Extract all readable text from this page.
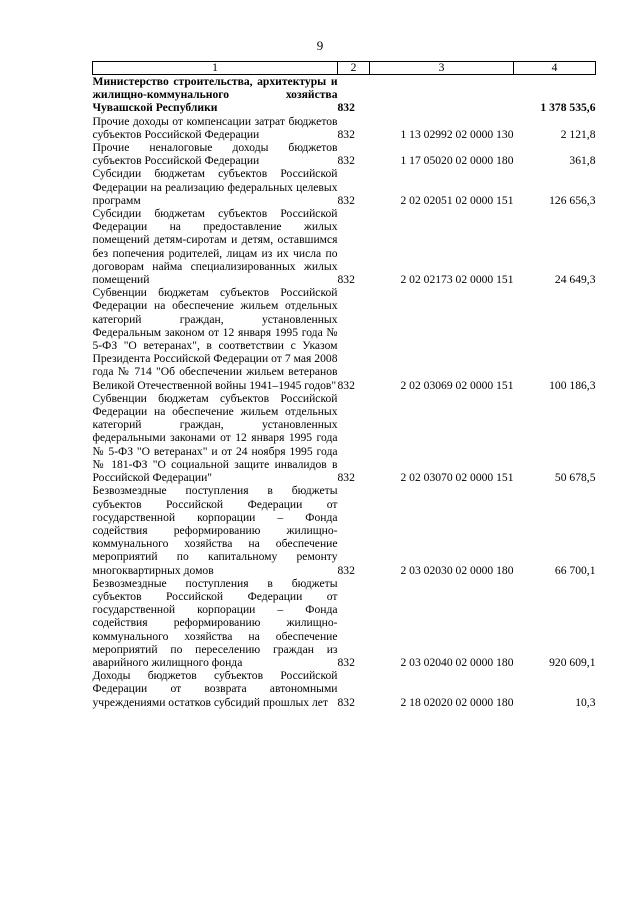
9
1	2	3	4
Министерство строительства, архитектуры и жилищно-коммунального хозяйства Чувашской Республики	832		1 378 535,6
Прочие доходы от компенсации затрат бюджетов субъектов Российской Федерации	832	1 13 02992 02 0000 130	2 121,8
Прочие неналоговые доходы бюджетов субъектов Российской Федерации	832	1 17 05020 02 0000 180	361,8
Субсидии бюджетам субъектов Российской Федерации на реализацию федеральных целевых программ	832	2 02 02051 02 0000 151	126 656,3
Субсидии бюджетам субъектов Российской Федерации на предоставление жилых помещений детям-сиротам и детям, оставшимся без попечения родителей, лицам из их числа по договорам найма специализированных жилых помещений	832	2 02 02173 02 0000 151	24 649,3
Субвенции бюджетам субъектов Российской Федерации на обеспечение жильем отдельных категорий граждан, установленных Федеральным законом от 12 января 1995 года № 5-ФЗ "О ветеранах", в соответствии с Указом Президента Российской Федерации от 7 мая 2008 года № 714 "Об обеспечении жильем ветеранов Великой Отечественной войны 1941–1945 годов"	832	2 02 03069 02 0000 151	100 186,3
Субвенции бюджетам субъектов Российской Федерации на обеспечение жильем отдельных категорий граждан, установленных федеральными законами от 12 января 1995 года № 5-ФЗ "О ветеранах" и от 24 ноября 1995 года № 181-ФЗ "О социальной защите инвалидов в Российской Федерации"	832	2 02 03070 02 0000 151	50 678,5
Безвозмездные поступления в бюджеты субъектов Российской Федерации от государственной корпорации – Фонда содействия реформированию жилищно-коммунального хозяйства на обеспечение мероприятий по капитальному ремонту многоквартирных домов	832	2 03 02030 02 0000 180	66 700,1
Безвозмездные поступления в бюджеты субъектов Российской Федерации от государственной корпорации – Фонда содействия реформированию жилищно-коммунального хозяйства на обеспечение мероприятий по переселению граждан из аварийного жилищного фонда	832	2 03 02040 02 0000 180	920 609,1
Доходы бюджетов субъектов Российской Федерации от возврата автономными учреждениями остатков субсидий прошлых лет	832	2 18 02020 02 0000 180	10,3
